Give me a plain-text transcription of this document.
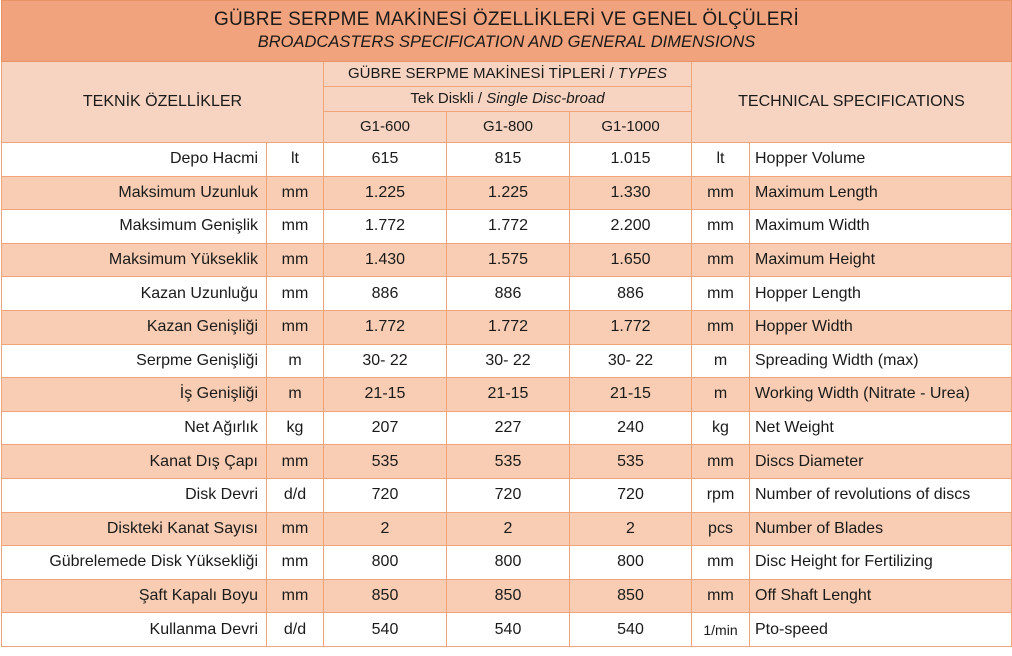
GÜBRE SERPME MAKİNESİ ÖZELLİKLERİ VE GENEL ÖLÇÜLERİ
BROADCASTERS SPECIFICATION AND GENERAL DIMENSIONS						

TEKNİK ÖZELLİKLER		GÜBRE SERPME MAKİNESİ TİPLERİ / TYPES			TECHNICAL SPECIFICATIONS	
		Tek Diskli / Single Disc-broad				
		G1-600	G1-800	G1-1000		
Depo Hacmi	lt	615	815	1.015	lt	Hopper Volume
Maksimum Uzunluk	mm	1.225	1.225	1.330	mm	Maximum Length
Maksimum Genişlik	mm	1.772	1.772	2.200	mm	Maximum Width
Maksimum Yükseklik	mm	1.430	1.575	1.650	mm	Maximum Height
Kazan Uzunluğu	mm	886	886	886	mm	Hopper Length
Kazan Genişliği	mm	1.772	1.772	1.772	mm	Hopper Width
Serpme Genişliği	m	30- 22	30- 22	30- 22	m	Spreading Width (max)
İş Genişliği	m	21-15	21-15	21-15	m	Working Width (Nitrate - Urea)
Net Ağırlık	kg	207	227	240	kg	Net Weight
Kanat Dış Çapı	mm	535	535	535	mm	Discs Diameter
Disk Devri	d/d	720	720	720	rpm	Number of revolutions of discs
Diskteki Kanat Sayısı	mm	2	2	2	pcs	Number of Blades
Gübrelemede Disk Yüksekliği	mm	800	800	800	mm	Disc Height for Fertilizing
Şaft Kapalı Boyu	mm	850	850	850	mm	Off Shaft Lenght
Kullanma Devri	d/d	540	540	540	1/min	Pto-speed
